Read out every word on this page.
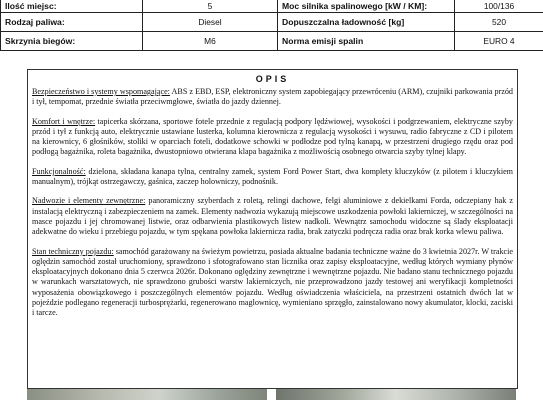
Ilość miejsc:	5	Moc silnika spalinowego [kW / KM]:	100/136
Rodzaj paliwa:	Diesel	Dopuszczalna ładowność [kg]	520
Skrzynia biegów:	M6	Norma emisji spalin	EURO 4
OPIS

Bezpieczeństwo i systemy wspomagające: ABS z EBD, ESP, elektroniczny system zapobiegający przewróceniu (ARM), czujniki parkowania przód i tył, tempomat, przednie światła przeciwmgłowe, światła do jazdy dziennej.

Komfort i wnętrze: tapicerka skórzana, sportowe fotele przednie z regulacją podpory lędźwiowej, wysokości i podgrzewaniem, elektryczne szyby przód i tył z funkcją auto, elektrycznie ustawiane lusterka, kolumna kierownicza z regulacją wysokości i wysuwu, radio fabryczne z CD i pilotem na kierownicy, 6 głośników, stoliki w oparciach foteli, dodatkowe schowki w podłodze pod tylną kanapą, w przestrzeni drugiego rzędu oraz pod podłogą bagażnika, roleta bagażnika, dwustopniowo otwierana klapa bagażnika z możliwością osobnego otwarcia szyby tylnej klapy.

Funkcjonalność: dzielona, składana kanapa tylna, centralny zamek, system Ford Power Start, dwa komplety kluczyków (z pilotem i kluczykiem manualnym), trójkąt ostrzegawczy, gaśnica, zaczep holowniczy, podnośnik.

Nadwozie i elementy zewnętrzne: panoramiczny szyberdach z roletą, relingi dachowe, felgi aluminiowe z dekielkami Forda, odczepiany hak z instalacją elektryczną i zabezpieczeniem na zamek. Elementy nadwozia wykazują miejscowe uszkodzenia powłoki lakierniczej, w szczególności na masce pojazdu i jej chromowanej listwie, oraz odbarwienia plastikowych listew nadkoli. Wewnątrz samochodu widoczne są ślady eksploatacji adekwatne do wieku i przebiegu pojazdu, w tym spękana powłoka lakiernicza radia, brak zatyczki podręcza radia oraz brak korka wlewu paliwa.

Stan techniczny pojazdu: samochód garażowany na świeżym powietrzu, posiada aktualne badania techniczne ważne do 3 kwietnia 2027r. W trakcie oględzin samochód został uruchomiony, sprawdzono i sfotografowano stan licznika oraz zapisy eksploatacyjne, według których wymiany płynów eksploatacyjnych dokonano dnia 5 czerwca 2026r. Dokonano oględziny zewnętrzne i wewnętrzne pojazdu. Nie badano stanu technicznego pojazdu w warunkach warsztatowych, nie sprawdzono grubości warstw lakierniczych, nie przeprowadzono jazdy testowej ani weryfikacji kompletności wyposażenia obowiązkowego i poszczególnych elementów pojazdu. Według oświadczenia właściciela, na przestrzeni ostatnich dwóch lat w pojeździe podlegano regeneracji turbosprężarki, regenerowano maglownicę, wymieniano sprzęgło, zainstalowano nowy akumulator, klocki, zaciski i tarcze.
